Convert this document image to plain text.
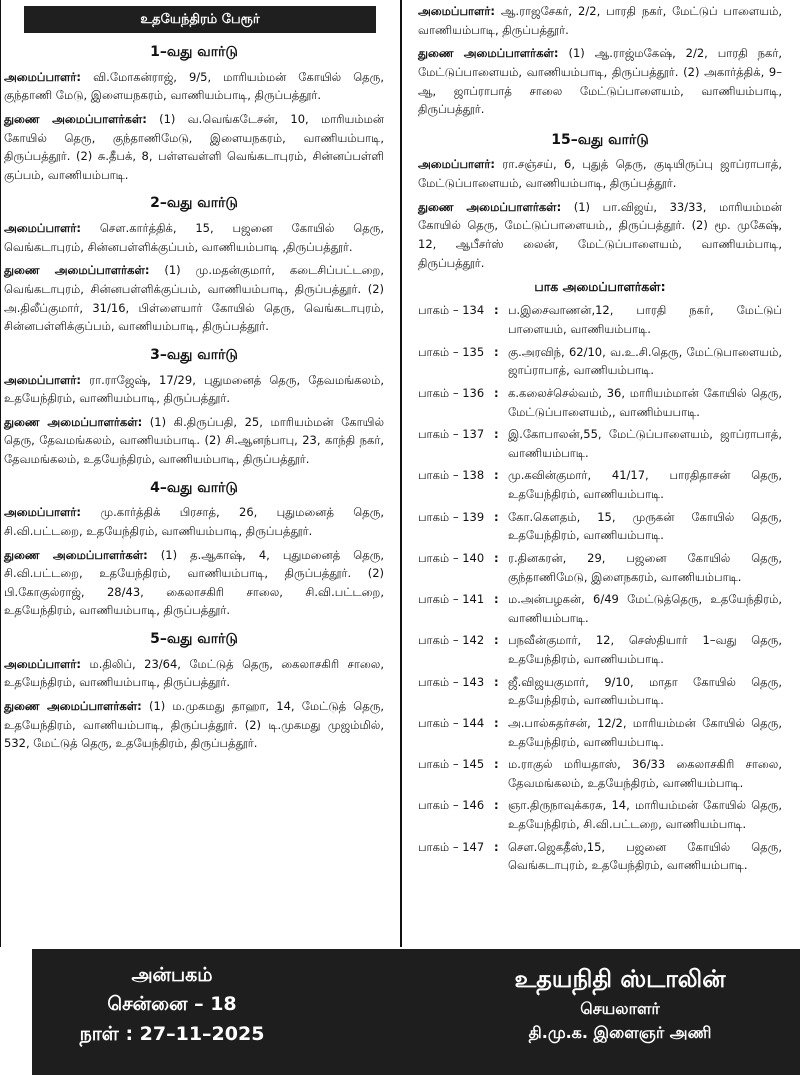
உதயேந்திரம் பேரூர்
1–வது வார்டு

அமைப்பாளர்: வி.மோகன்ராஜ், 9/5, மாரியம்மன் கோயில் தெரு, குந்தாணி மேடு, இளையநகரம், வாணியம்பாடி, திருப்பத்தூர்.

துணை அமைப்பாளர்கள்: (1) வ.வெங்கடேசன், 10, மாரியம்மன் கோயில் தெரு, குந்தாணிமேடு, இளையநகரம், வாணியம்பாடி, திருப்பத்தூர். (2) சு.தீபக், 8, பள்ளவள்ளி வெங்கடாபுரம், சின்னப்பள்ளி குப்பம், வாணியம்பாடி.

2–வது வார்டு

அமைப்பாளர்: சௌ.கார்த்திக், 15, பஜனை கோயில் தெரு, வெங்கடாபுரம், சின்னபள்ளிக்குப்பம், வாணியம்பாடி ,திருப்பத்தூர்.

துணை அமைப்பாளர்கள்: (1) மு.மதன்குமார், கடைசிப்பட்டறை, வெங்கடாபுரம், சின்னபள்ளிக்குப்பம், வாணியம்பாடி, திருப்பத்தூர். (2) அ.திலீப்குமார், 31/16, பிள்ளையார் கோயில் தெரு, வெங்கடாபுரம், சின்னபள்ளிக்குப்பம், வாணியம்பாடி, திருப்பத்தூர்.

3–வது வார்டு

அமைப்பாளர்: ரா.ராஜேஷ், 17/29, புதுமனைத் தெரு, தேவமங்கலம், உதயேந்திரம், வாணியம்பாடி, திருப்பத்தூர்.

துணை அமைப்பாளர்கள்: (1) கி.திருப்பதி, 25, மாரியம்மன் கோயில் தெரு, தேவமங்கலம், வாணியம்பாடி. (2) சி.ஆனந்பாபு, 23, காந்தி நகர், தேவமங்கலம், உதயேந்திரம், வாணியம்பாடி, திருப்பத்தூர்.

4–வது வார்டு

அமைப்பாளர்: மு.கார்த்திக் பிரசாத், 26, புதுமனைத் தெரு, சி.வி.பட்டறை, உதயேந்திரம், வாணியம்பாடி, திருப்பத்தூர்.

துணை அமைப்பாளர்கள்: (1) த.ஆகாஷ், 4, புதுமனைத் தெரு, சி.வி.பட்டறை, உதயேந்திரம், வாணியம்பாடி, திருப்பத்தூர். (2) பி.கோகுல்ராஜ், 28/43, கைலாசகிரி சாலை, சி.வி.பட்டறை, உதயேந்திரம், வாணியம்பாடி, திருப்பத்தூர்.

5–வது வார்டு

அமைப்பாளர்: ம.திலிப், 23/64, மேட்டுத் தெரு, கைலாசகிரி சாலை, உதயேந்திரம், வாணியம்பாடி, திருப்பத்தூர்.

துணை அமைப்பாளர்கள்: (1) ம.முகமது தாஹா, 14, மேட்டுத் தெரு, உதயேந்திரம், வாணியம்பாடி, திருப்பத்தூர். (2) டி.முகமது முஜம்மில், 532, மேட்டுத் தெரு, உதயேந்திரம், திருப்பத்தூர்.

அமைப்பாளர்: ஆ.ராஜசேகர், 2/2, பாரதி நகர், மேட்டுப் பாளையம், வாணியம்பாடி, திருப்பத்தூர்.

துணை அமைப்பாளர்கள்: (1) ஆ.ராஜ்மகேஷ், 2/2, பாரதி நகர், மேட்டுப்பாளையம், வாணியம்பாடி, திருப்பத்தூர். (2) அகார்த்திக், 9– ஆ, ஜாப்ராபாத் சாலை மேட்டுப்பாளையம், வாணியம்பாடி, திருப்பத்தூர்.

15–வது வார்டு

அமைப்பாளர்: ரா.சஞ்சய், 6, புதுத் தெரு, குடியிருப்பு ஜாப்ராபாத், மேட்டுப்பாளையம், வாணியம்பாடி, திருப்பத்தூர்.

துணை அமைப்பாளர்கள்: (1) பா.விஜய், 33/33, மாரியம்மன் கோயில் தெரு, மேட்டுப்பாளையம்,, திருப்பத்தூர். (2) மூ. முகேஷ், 12, ஆபீசர்ஸ் லைன், மேட்டுப்பாளையம், வாணியம்பாடி, திருப்பத்தூர்.

பாக அமைப்பாளர்கள்:
பாகம் – 134 : ப.இசைவாணன்,12, பாரதி நகர், மேட்டுப் பாளையம், வாணியம்பாடி.
பாகம் – 135 : கு.அரவிந், 62/10, வ.உ.சி.தெரு, மேட்டுபாளையம், ஜாப்ராபாத், வாணியம்பாடி.
பாகம் – 136 : க.கலைச்செல்வம், 36, மாரியம்மான் கோயில் தெரு, மேட்டுப்பாளையம்,, வாணிம்யபாடி.
பாகம் – 137 : இ.கோபாலன்,55, மேட்டுப்பாளையம், ஜாப்ராபாத், வாணியம்பாடி.
பாகம் – 138 : மு.கவின்குமார், 41/17, பாரதிதாசன் தெரு, உதயேந்திரம், வாணியம்பாடி.
பாகம் – 139 : கோ.கௌதம், 15, முருகன் கோயில் தெரு, உதயேந்திரம், வாணியம்பாடி.
பாகம் – 140 : ர.தினகரன், 29, பஜனை கோயில் தெரு, குந்தாணிமேடு, இளைநகரம், வாணியம்பாடி.
பாகம் – 141 : ம.அன்பழகன், 6/49 மேட்டுத்தெரு, உதயேந்திரம், வாணியம்பாடி.
பாகம் – 142 : பநவீன்குமார், 12, செஸ்தியார் 1–வது தெரு, உதயேந்திரம், வாணியம்பாடி.
பாகம் – 143 : ஜீ.விஜயகுமார், 9/10, மாதா கோயில் தெரு, உதயேந்திரம், வாணியம்பாடி.
பாகம் – 144 : அ.பால்சுதர்சன், 12/2, மாரியம்மன் கோயில் தெரு, உதயேந்திரம், வாணியம்பாடி.
பாகம் – 145 : ம.ராகுல் மரியதாஸ், 36/33 கைலாசகிரி சாலை, தேவமங்கலம், உதயேந்திரம், வாணியம்பாடி.
பாகம் – 146 : ஞா.திருநாவுக்கரசு, 14, மாரியம்மன் கோயில் தெரு, உதயேந்திரம், சி.வி.பட்டறை, வாணியம்பாடி.
பாகம் – 147 : சௌ.ஜெகதீஸ்,15, பஜனை கோயில் தெரு, வெங்கடாபுரம், உதயேந்திரம், வாணியம்பாடி.
அன்பகம்
சென்னை – 18
நாள் : 27–11–2025
உதயநிதி ஸ்டாலின்
செயலாளர்
தி.மு.க. இளைஞர் அணி
